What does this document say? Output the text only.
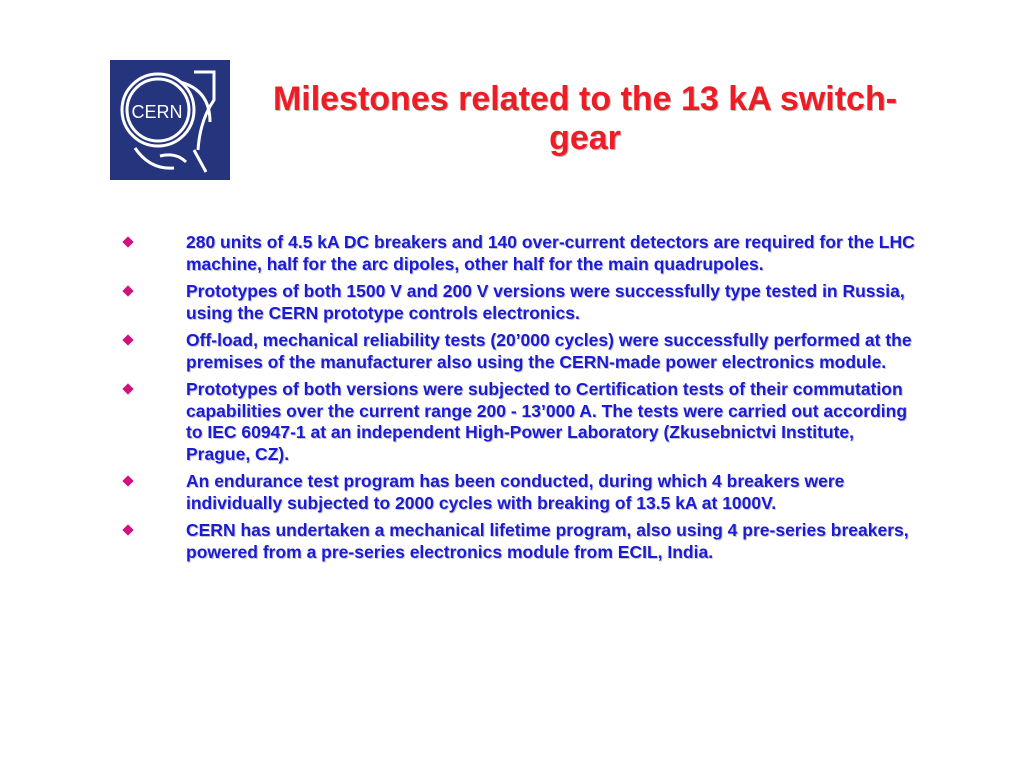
CERN	Milestones related to the 13 kA switch-gear
280 units of 4.5 kA DC breakers and 140 over-current detectors are required for the LHC machine, half for the arc dipoles, other half for the main quadrupoles.
Prototypes of both 1500 V and 200 V versions were successfully type tested in Russia, using the CERN prototype controls electronics.
Off-load, mechanical reliability tests (20’000 cycles) were successfully performed at the premises of the manufacturer also using the CERN-made power electronics module.
Prototypes of both versions were subjected to Certification tests of their commutation capabilities over the current range 200 - 13’000 A. The tests were carried out according to IEC 60947-1 at an independent High-Power Laboratory (Zkusebnictvi Institute, Prague, CZ).
An endurance test program has been conducted, during which 4 breakers were individually subjected to 2000 cycles with breaking of 13.5 kA at 1000V.
CERN has undertaken a mechanical lifetime program, also using 4 pre-series breakers, powered from a pre-series electronics module from ECIL, India.
